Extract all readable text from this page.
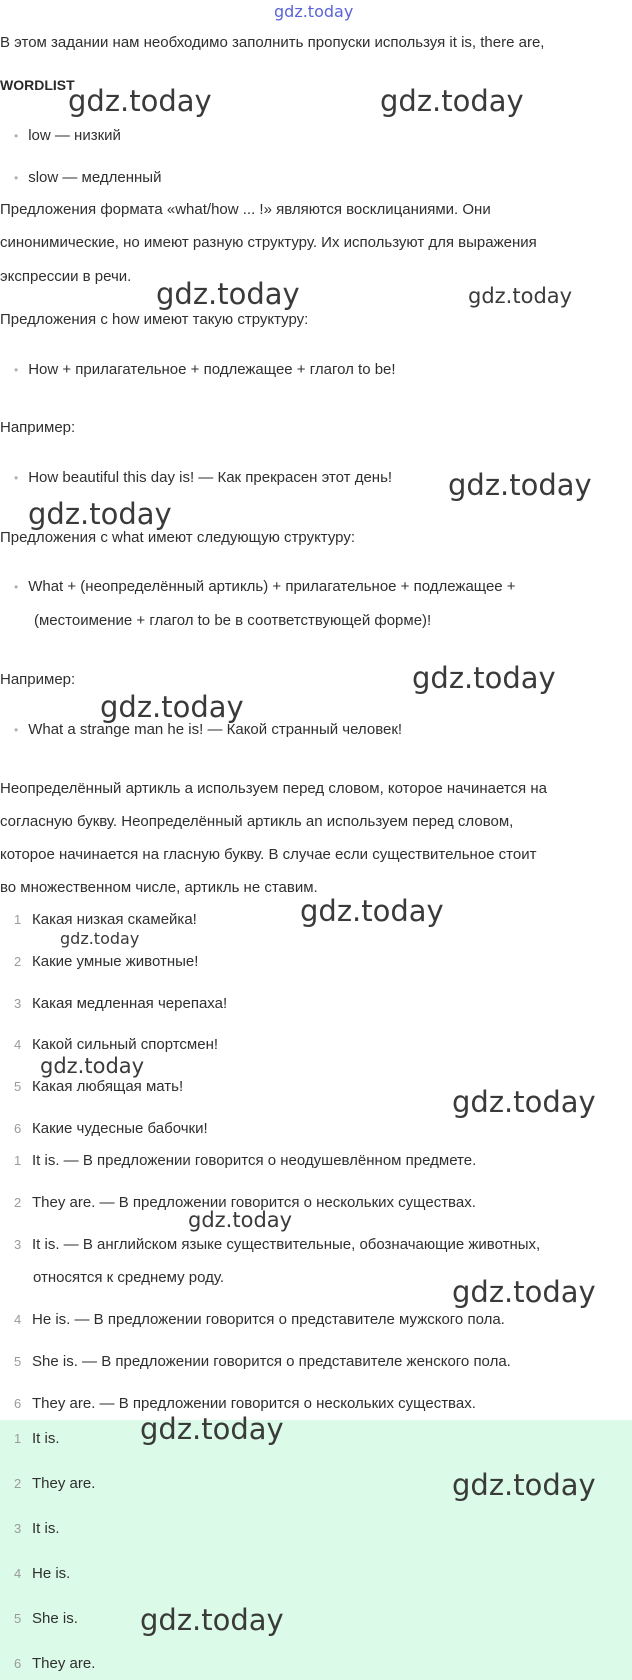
gdz.today
В этом задании нам необходимо заполнить пропуски используя it is, there are,
WORDLIST
• low — низкий
• slow — медленный
Предложения формата «what/how ... !» являются восклицаниями. Они
синонимические, но имеют разную структуру. Их используют для выражения
экспрессии в речи.
Предложения с how имеют такую структуру:
• How + прилагательное + подлежащее + глагол to be!
Например:
• How beautiful this day is! — Как прекрасен этот день!
Предложения с what имеют следующую структуру:
• What + (неопределённый артикль) + прилагательное + подлежащее +
(местоимение + глагол to be в соответствующей форме)!
Например:
• What a strange man he is! — Какой странный человек!
Неопределённый артикль a используем перед словом, которое начинается на
согласную букву. Неопределённый артикль an используем перед словом,
которое начинается на гласную букву. В случае если существительное стоит
во множественном числе, артикль не ставим.
1 Какая низкая скамейка!
2 Какие умные животные!
3 Какая медленная черепаха!
4 Какой сильный спортсмен!
5 Какая любящая мать!
6 Какие чудесные бабочки!
1 It is. — В предложении говорится о неодушевлённом предмете.
2 They are. — В предложении говорится о нескольких существах.
3 It is. — В английском языке существительные, обозначающие животных,
относятся к среднему роду.
4 He is. — В предложении говорится о представителе мужского пола.
5 She is. — В предложении говорится о представителе женского пола.
6 They are. — В предложении говорится о нескольких существах.
1 It is.
2 They are.
3 It is.
4 He is.
5 She is.
6 They are.
gdz.today	gdz.today
gdz.today	gdz.today
gdz.today
gdz.today
gdz.today
gdz.today
gdz.today
gdz.today
gdz.today
gdz.today
gdz.today
gdz.today
gdz.today
gdz.today
gdz.today
